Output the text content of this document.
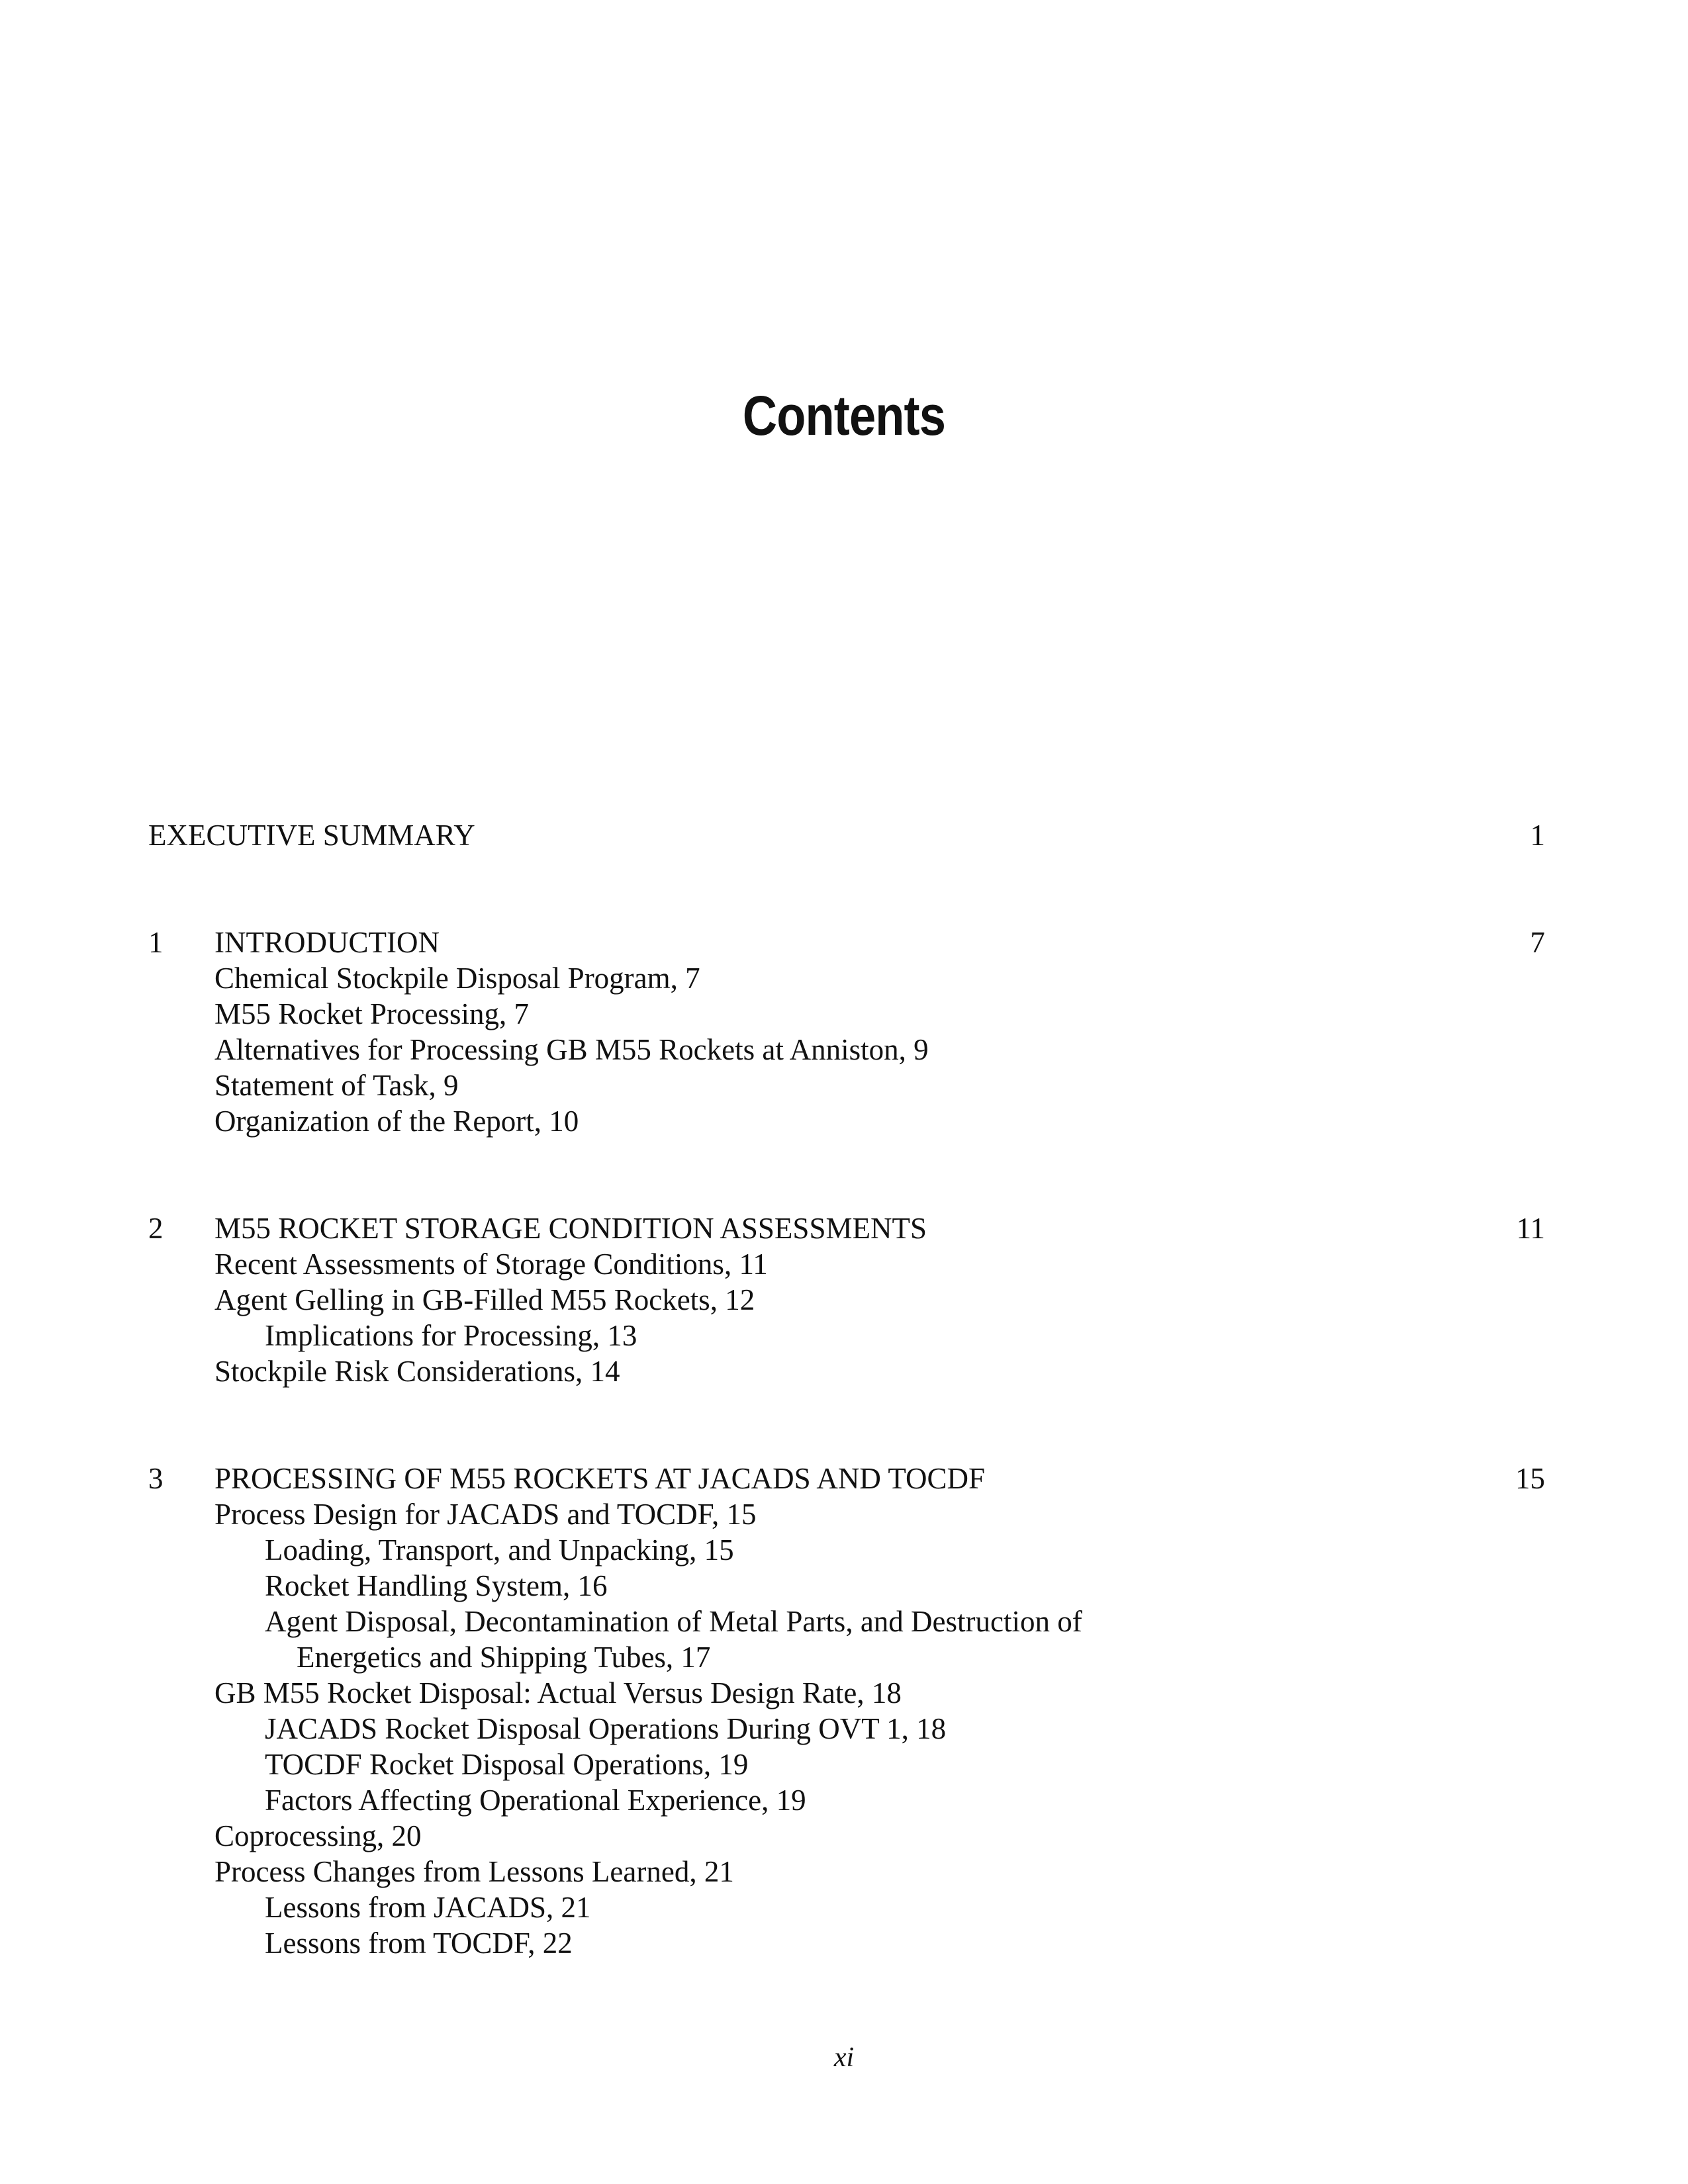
Contents
EXECUTIVE SUMMARY	1
1 INTRODUCTION	7
Chemical Stockpile Disposal Program, 7
M55 Rocket Processing, 7
Alternatives for Processing GB M55 Rockets at Anniston, 9
Statement of Task, 9
Organization of the Report, 10
2 M55 ROCKET STORAGE CONDITION ASSESSMENTS	11
Recent Assessments of Storage Conditions, 11
Agent Gelling in GB-Filled M55 Rockets, 12
Implications for Processing, 13
Stockpile Risk Considerations, 14
3 PROCESSING OF M55 ROCKETS AT JACADS AND TOCDF	15
Process Design for JACADS and TOCDF, 15
Loading, Transport, and Unpacking, 15
Rocket Handling System, 16
Agent Disposal, Decontamination of Metal Parts, and Destruction of
Energetics and Shipping Tubes, 17
GB M55 Rocket Disposal: Actual Versus Design Rate, 18
JACADS Rocket Disposal Operations During OVT 1, 18
TOCDF Rocket Disposal Operations, 19
Factors Affecting Operational Experience, 19
Coprocessing, 20
Process Changes from Lessons Learned, 21
Lessons from JACADS, 21
Lessons from TOCDF, 22
xi
